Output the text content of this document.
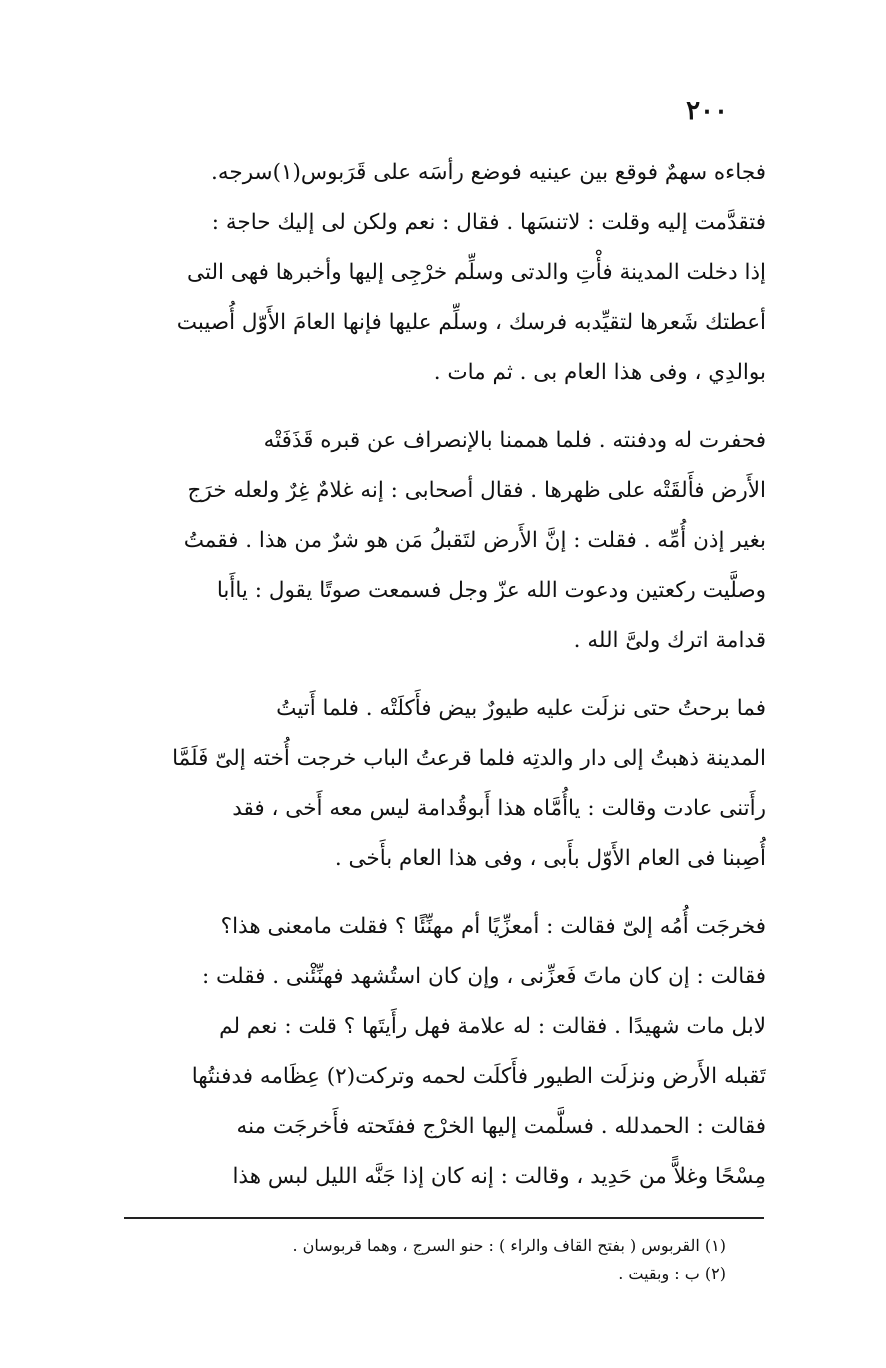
٢٠٠

فجاءه سهمٌ فوقع بين عينيه فوضع رأسَه على قَرَبوس(١)سرجه.
فتقدَّمت إليه وقلت : لاتنسَها . فقال : نعم ولكن لى إليك حاجة :
إذا دخلت المدينة فأْتِ والدتى وسلِّم خرْجِى إليها وأخبرها فهى التى
أعطتك شَعرها لتقيِّدبه فرسك ، وسلِّم عليها فإنها العامَ الأَوّل أُصيبت
بوالدِي ، وفى هذا العام بى . ثم مات .

فحفرت له ودفنته . فلما هممنا بالإنصراف عن قبره قَذَفَتْه
الأَرض فأَلقَتْه على ظهرها . فقال أصحابى : إنه غلامٌ غِرٌ ولعله خرَج
بغير إذن أُمِّه . فقلت : إنَّ الأَرض لتَقبلُ مَن هو شرٌ من هذا . فقمتُ
وصلَّيت ركعتين ودعوت الله عزّ وجل فسمعت صوتًا يقول : ياأَبا
قدامة اترك ولىَّ الله .

فما برحتُ حتى نزلَت عليه طيورٌ بيض فأَكلَتْه . فلما أَتيتُ
المدينة ذهبتُ إلى دار والدتِه فلما قرعتُ الباب خرجت أُخته إلىّ فَلَمَّا
رأَتنى عادت وقالت : ياأُمَّاه هذا أَبوقُدامة ليس معه أَخى ، فقد
أُصِبنا فى العام الأَوّل بأَبى ، وفى هذا العام بأَخى .

فخرجَت أُمُه إلىّ فقالت : أمعزِّيًا أم مهنِّئًا ؟ فقلت مامعنى هذا؟
فقالت : إن كان ماتَ فَعزِّنى ، وإن كان استُشهد فهنِّئْنى . فقلت :
لابل مات شهيدًا . فقالت : له علامة فهل رأَيتَها ؟ قلت : نعم لم
تَقبله الأَرض ونزلَت الطيور فأَكلَت لحمه وتركت(٢) عِظَامه فدفنتُها
فقالت : الحمدلله . فسلَّمت إليها الخرْج ففتَحته فأَخرجَت منه
مِسْحًا وغلاًّ من حَدِيد ، وقالت : إنه كان إذا جَنَّه الليل لبس هذا

(١) القربوس ( بفتح القاف والراء ) : حنو السرج ، وهما قربوسان .
(٢) ب : وبقيت .
